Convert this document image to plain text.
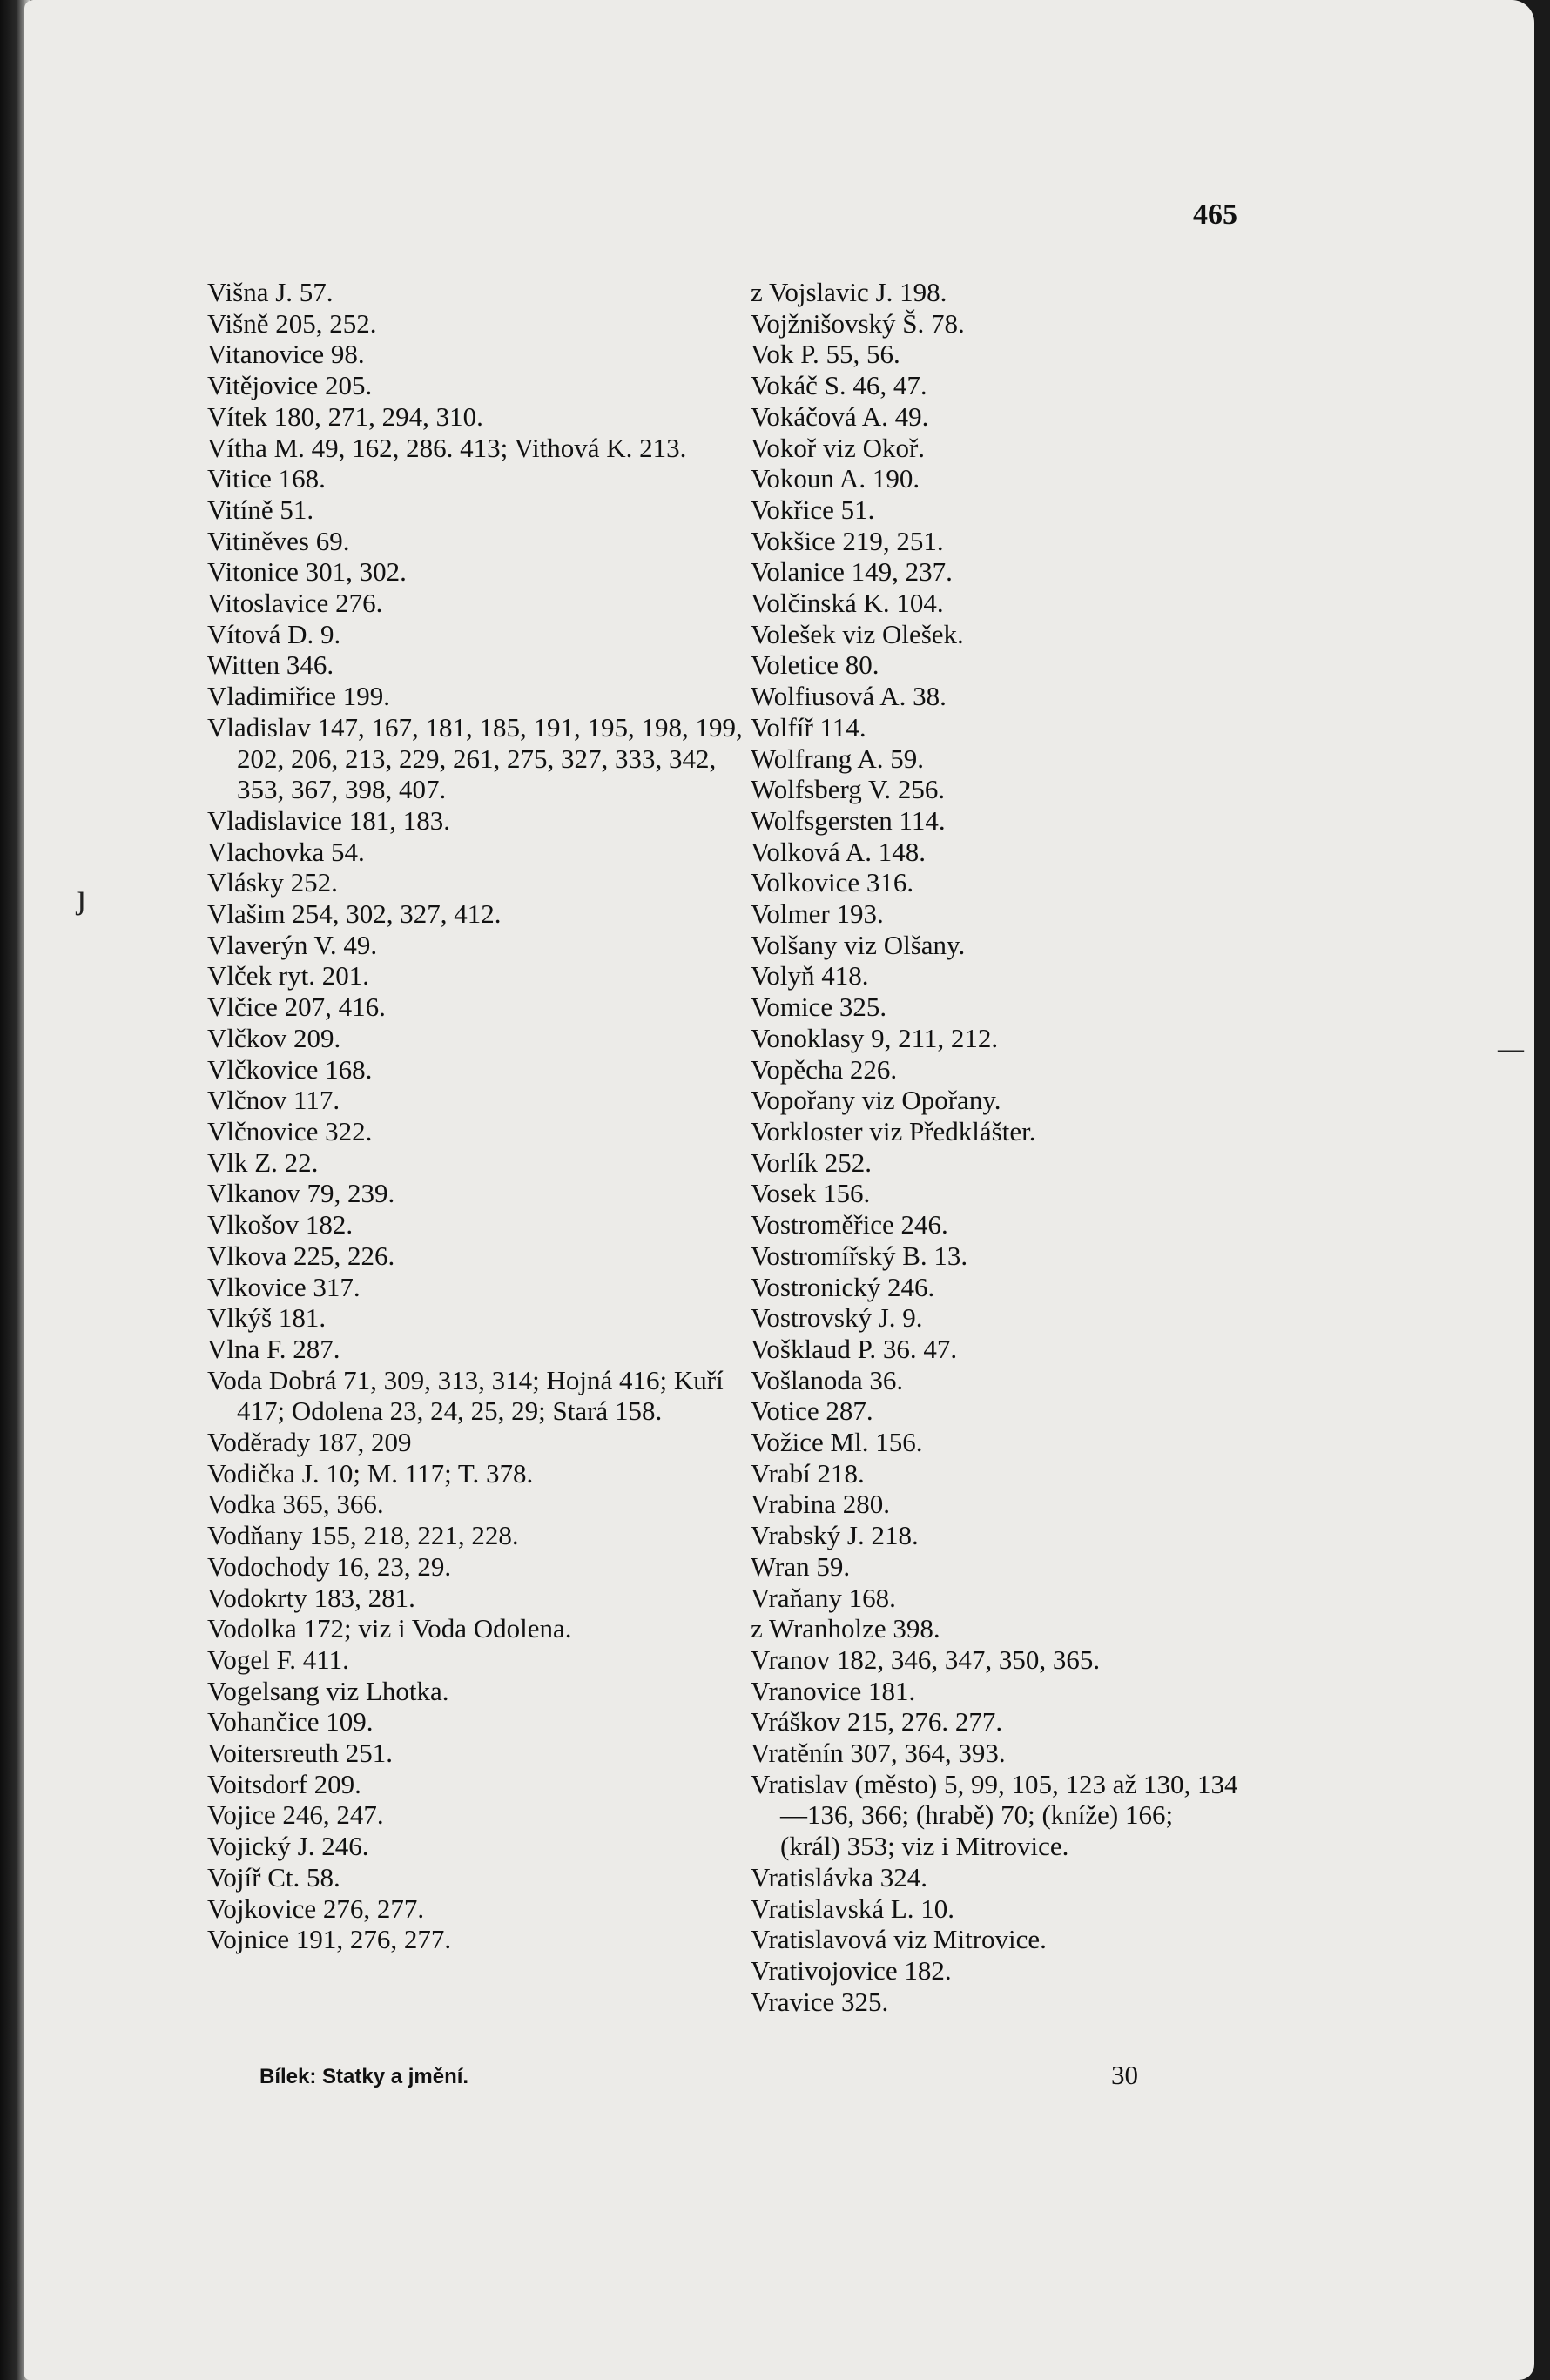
465
Višna J. 57.
Višně 205, 252.
Vitanovice 98.
Vitějovice 205.
Vítek 180, 271, 294, 310.
Vítha M. 49, 162, 286. 413; Vithová K. 213.
Vitice 168.
Vitíně 51.
Vitiněves 69.
Vitonice 301, 302.
Vitoslavice 276.
Vítová D. 9.
Witten 346.
Vladimiřice 199.
Vladislav 147, 167, 181, 185, 191, 195, 198, 199, 202, 206, 213, 229, 261, 275, 327, 333, 342, 353, 367, 398, 407.
Vladislavice 181, 183.
Vlachovka 54.
Vlásky 252.
Vlašim 254, 302, 327, 412.
Vlaverýn V. 49.
Vlček ryt. 201.
Vlčice 207, 416.
Vlčkov 209.
Vlčkovice 168.
Vlčnov 117.
Vlčnovice 322.
Vlk Z. 22.
Vlkanov 79, 239.
Vlkošov 182.
Vlkova 225, 226.
Vlkovice 317.
Vlkýš 181.
Vlna F. 287.
Voda Dobrá 71, 309, 313, 314; Hojná 416; Kuří 417; Odolena 23, 24, 25, 29; Stará 158.
Voděrady 187, 209
Vodička J. 10; M. 117; T. 378.
Vodka 365, 366.
Vodňany 155, 218, 221, 228.
Vodochody 16, 23, 29.
Vodokrty 183, 281.
Vodolka 172; viz i Voda Odolena.
Vogel F. 411.
Vogelsang viz Lhotka.
Vohančice 109.
Voitersreuth 251.
Voitsdorf 209.
Vojice 246, 247.
Vojický J. 246.
Vojíř Ct. 58.
Vojkovice 276, 277.
Vojnice 191, 276, 277.
z Vojslavic J. 198.
Vojžnišovský Š. 78.
Vok P. 55, 56.
Vokáč S. 46, 47.
Vokáčová A. 49.
Vokoř viz Okoř.
Vokoun A. 190.
Vokřice 51.
Vokšice 219, 251.
Volanice 149, 237.
Volčinská K. 104.
Volešek viz Olešek.
Voletice 80.
Wolfiusová A. 38.
Volfíř 114.
Wolfrang A. 59.
Wolfsberg V. 256.
Wolfsgersten 114.
Volková A. 148.
Volkovice 316.
Volmer 193.
Volšany viz Olšany.
Volyň 418.
Vomice 325.
Vonoklasy 9, 211, 212.
Vopěcha 226.
Vopořany viz Opořany.
Vorkloster viz Předklášter.
Vorlík 252.
Vosek 156.
Vostroměřice 246.
Vostromířský B. 13.
Vostronický 246.
Vostrovský J. 9.
Vošklaud P. 36. 47.
Vošlanoda 36.
Votice 287.
Vožice Ml. 156.
Vrabí 218.
Vrabina 280.
Vrabský J. 218.
Wran 59.
Vraňany 168.
z Wranholze 398.
Vranov 182, 346, 347, 350, 365.
Vranovice 181.
Vráškov 215, 276. 277.
Vratěnín 307, 364, 393.
Vratislav (město) 5, 99, 105, 123 až 130, 134—136, 366; (hrabě) 70; (kníže) 166; (král) 353; viz i Mitrovice.
Vratislávka 324.
Vratislavská L. 10.
Vratislavová viz Mitrovice.
Vrativojovice 182.
Vravice 325.
Bílek: Statky a jmění.	30
ȷ
—
